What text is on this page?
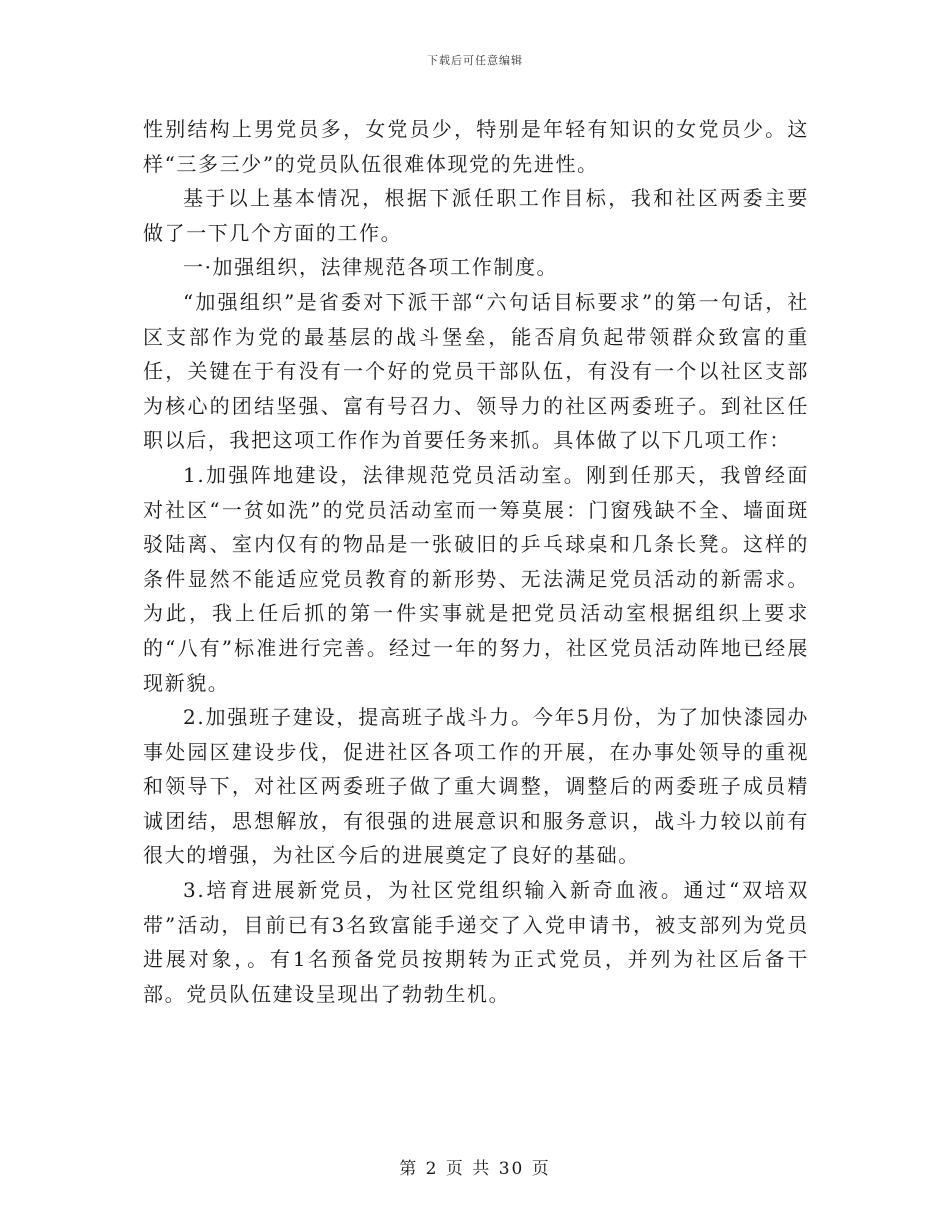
下载后可任意编辑

性别结构上男党员多，女党员少，特别是年轻有知识的女党员少。这样“三多三少”的党员队伍很难体现党的先进性。

基于以上基本情况，根据下派任职工作目标，我和社区两委主要做了一下几个方面的工作。

一·加强组织，法律规范各项工作制度。

“加强组织”是省委对下派干部“六句话目标要求”的第一句话，社区支部作为党的最基层的战斗堡垒，能否肩负起带领群众致富的重任，关键在于有没有一个好的党员干部队伍，有没有一个以社区支部为核心的团结坚强、富有号召力、领导力的社区两委班子。到社区任职以后，我把这项工作作为首要任务来抓。具体做了以下几项工作：

1.加强阵地建设，法律规范党员活动室。刚到任那天，我曾经面对社区“一贫如洗”的党员活动室而一筹莫展：门窗残缺不全、墙面斑驳陆离、室内仅有的物品是一张破旧的乒乓球桌和几条长凳。这样的条件显然不能适应党员教育的新形势、无法满足党员活动的新需求。为此，我上任后抓的第一件实事就是把党员活动室根据组织上要求的“八有”标准进行完善。经过一年的努力，社区党员活动阵地已经展现新貌。

2.加强班子建设，提高班子战斗力。今年5月份，为了加快漆园办事处园区建设步伐，促进社区各项工作的开展，在办事处领导的重视和领导下，对社区两委班子做了重大调整，调整后的两委班子成员精诚团结，思想解放，有很强的进展意识和服务意识，战斗力较以前有很大的增强，为社区今后的进展奠定了良好的基础。

3.培育进展新党员，为社区党组织输入新奇血液。通过“双培双带”活动，目前已有3名致富能手递交了入党申请书，被支部列为党员进展对象，。有1名预备党员按期转为正式党员，并列为社区后备干部。党员队伍建设呈现出了勃勃生机。

第 2 页 共 30 页
